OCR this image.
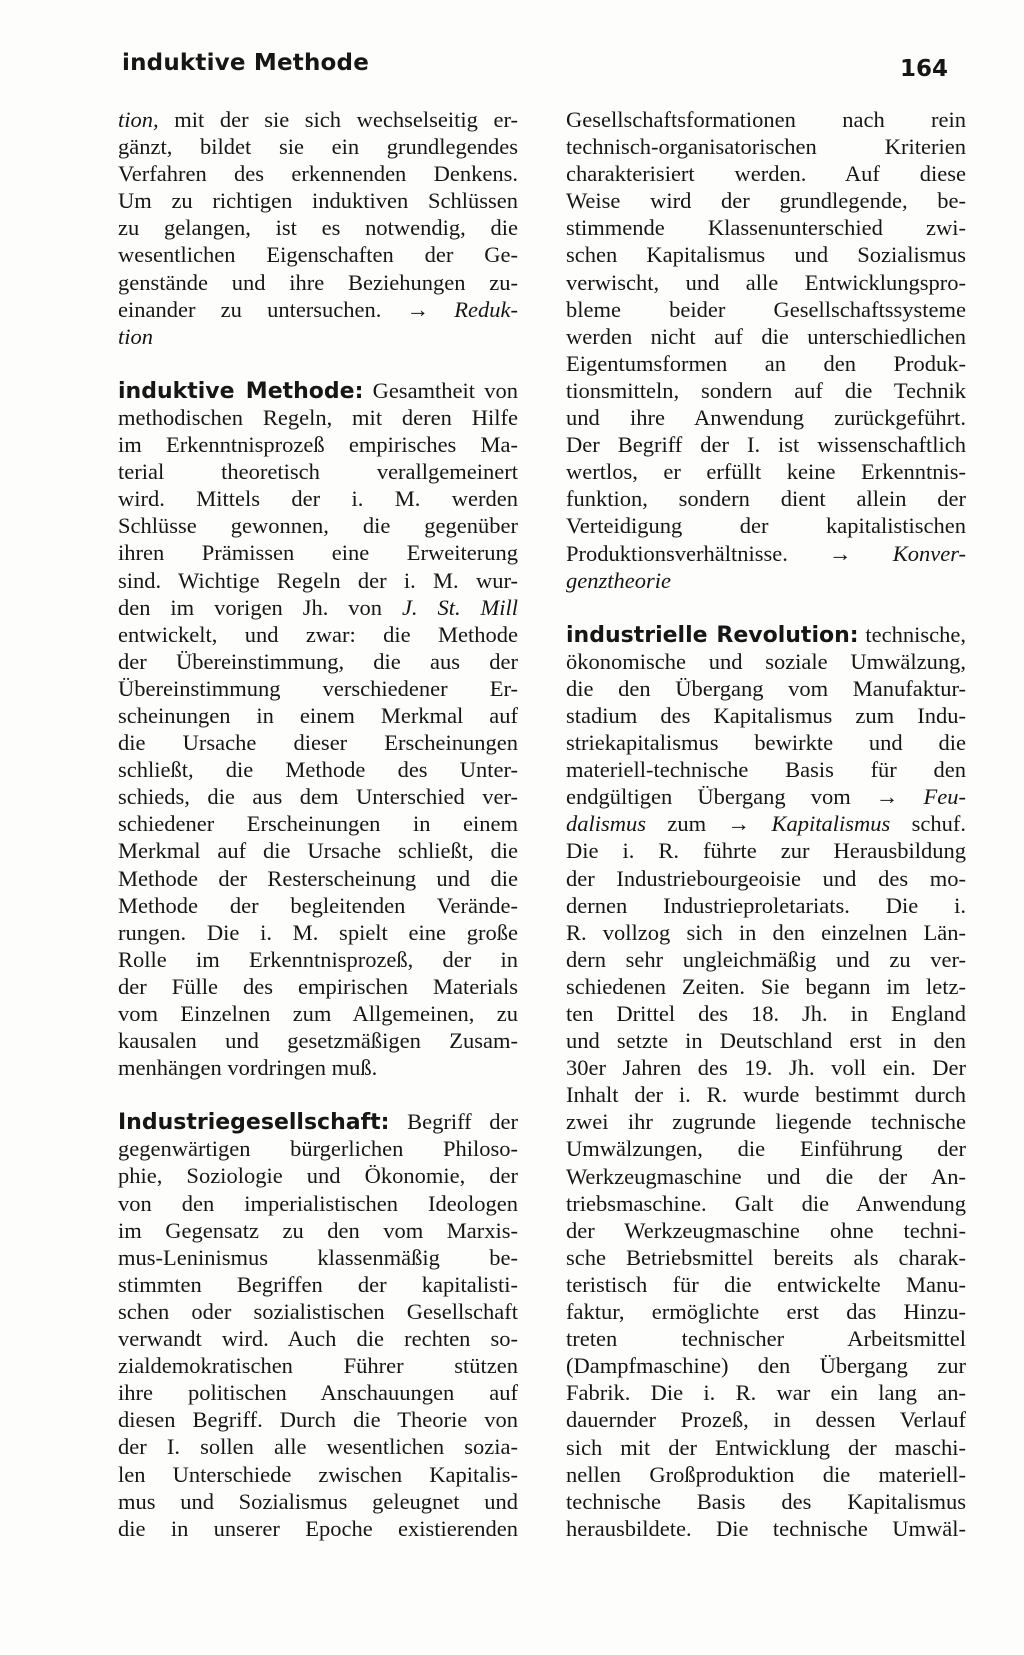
induktive Methode	164
tion, mit der sie sich wechselseitig er-
gänzt, bildet sie ein grundlegendes
Verfahren des erkennenden Denkens.
Um zu richtigen induktiven Schlüssen
zu gelangen, ist es notwendig, die
wesentlichen Eigenschaften der Ge-
genstände und ihre Beziehungen zu-
einander zu untersuchen. → Reduk-
tion
induktive Methode: Gesamtheit von
methodischen Regeln, mit deren Hilfe
im Erkenntnisprozeß empirisches Ma-
terial theoretisch verallgemeinert
wird. Mittels der i. M. werden
Schlüsse gewonnen, die gegenüber
ihren Prämissen eine Erweiterung
sind. Wichtige Regeln der i. M. wur-
den im vorigen Jh. von J. St. Mill
entwickelt, und zwar: die Methode
der Übereinstimmung, die aus der
Übereinstimmung verschiedener Er-
scheinungen in einem Merkmal auf
die Ursache dieser Erscheinungen
schließt, die Methode des Unter-
schieds, die aus dem Unterschied ver-
schiedener Erscheinungen in einem
Merkmal auf die Ursache schließt, die
Methode der Resterscheinung und die
Methode der begleitenden Verände-
rungen. Die i. M. spielt eine große
Rolle im Erkenntnisprozeß, der in
der Fülle des empirischen Materials
vom Einzelnen zum Allgemeinen, zu
kausalen und gesetzmäßigen Zusam-
menhängen vordringen muß.
Industriegesellschaft: Begriff der
gegenwärtigen bürgerlichen Philoso-
phie, Soziologie und Ökonomie, der
von den imperialistischen Ideologen
im Gegensatz zu den vom Marxis-
mus-Leninismus klassenmäßig be-
stimmten Begriffen der kapitalisti-
schen oder sozialistischen Gesellschaft
verwandt wird. Auch die rechten so-
zialdemokratischen Führer stützen
ihre politischen Anschauungen auf
diesen Begriff. Durch die Theorie von
der I. sollen alle wesentlichen sozia-
len Unterschiede zwischen Kapitalis-
mus und Sozialismus geleugnet und
die in unserer Epoche existierenden
Gesellschaftsformationen nach rein
technisch-organisatorischen Kriterien
charakterisiert werden. Auf diese
Weise wird der grundlegende, be-
stimmende Klassenunterschied zwi-
schen Kapitalismus und Sozialismus
verwischt, und alle Entwicklungspro-
bleme beider Gesellschaftssysteme
werden nicht auf die unterschiedlichen
Eigentumsformen an den Produk-
tionsmitteln, sondern auf die Technik
und ihre Anwendung zurückgeführt.
Der Begriff der I. ist wissenschaftlich
wertlos, er erfüllt keine Erkenntnis-
funktion, sondern dient allein der
Verteidigung der kapitalistischen
Produktionsverhältnisse. → Konver-
genztheorie
industrielle Revolution: technische,
ökonomische und soziale Umwälzung,
die den Übergang vom Manufaktur-
stadium des Kapitalismus zum Indu-
striekapitalismus bewirkte und die
materiell-technische Basis für den
endgültigen Übergang vom → Feu-
dalismus zum → Kapitalismus schuf.
Die i. R. führte zur Herausbildung
der Industriebourgeoisie und des mo-
dernen Industrieproletariats. Die i.
R. vollzog sich in den einzelnen Län-
dern sehr ungleichmäßig und zu ver-
schiedenen Zeiten. Sie begann im letz-
ten Drittel des 18. Jh. in England
und setzte in Deutschland erst in den
30er Jahren des 19. Jh. voll ein. Der
Inhalt der i. R. wurde bestimmt durch
zwei ihr zugrunde liegende technische
Umwälzungen, die Einführung der
Werkzeugmaschine und die der An-
triebsmaschine. Galt die Anwendung
der Werkzeugmaschine ohne techni-
sche Betriebsmittel bereits als charak-
teristisch für die entwickelte Manu-
faktur, ermöglichte erst das Hinzu-
treten technischer Arbeitsmittel
(Dampfmaschine) den Übergang zur
Fabrik. Die i. R. war ein lang an-
dauernder Prozeß, in dessen Verlauf
sich mit der Entwicklung der maschi-
nellen Großproduktion die materiell-
technische Basis des Kapitalismus
herausbildete. Die technische Umwäl-
